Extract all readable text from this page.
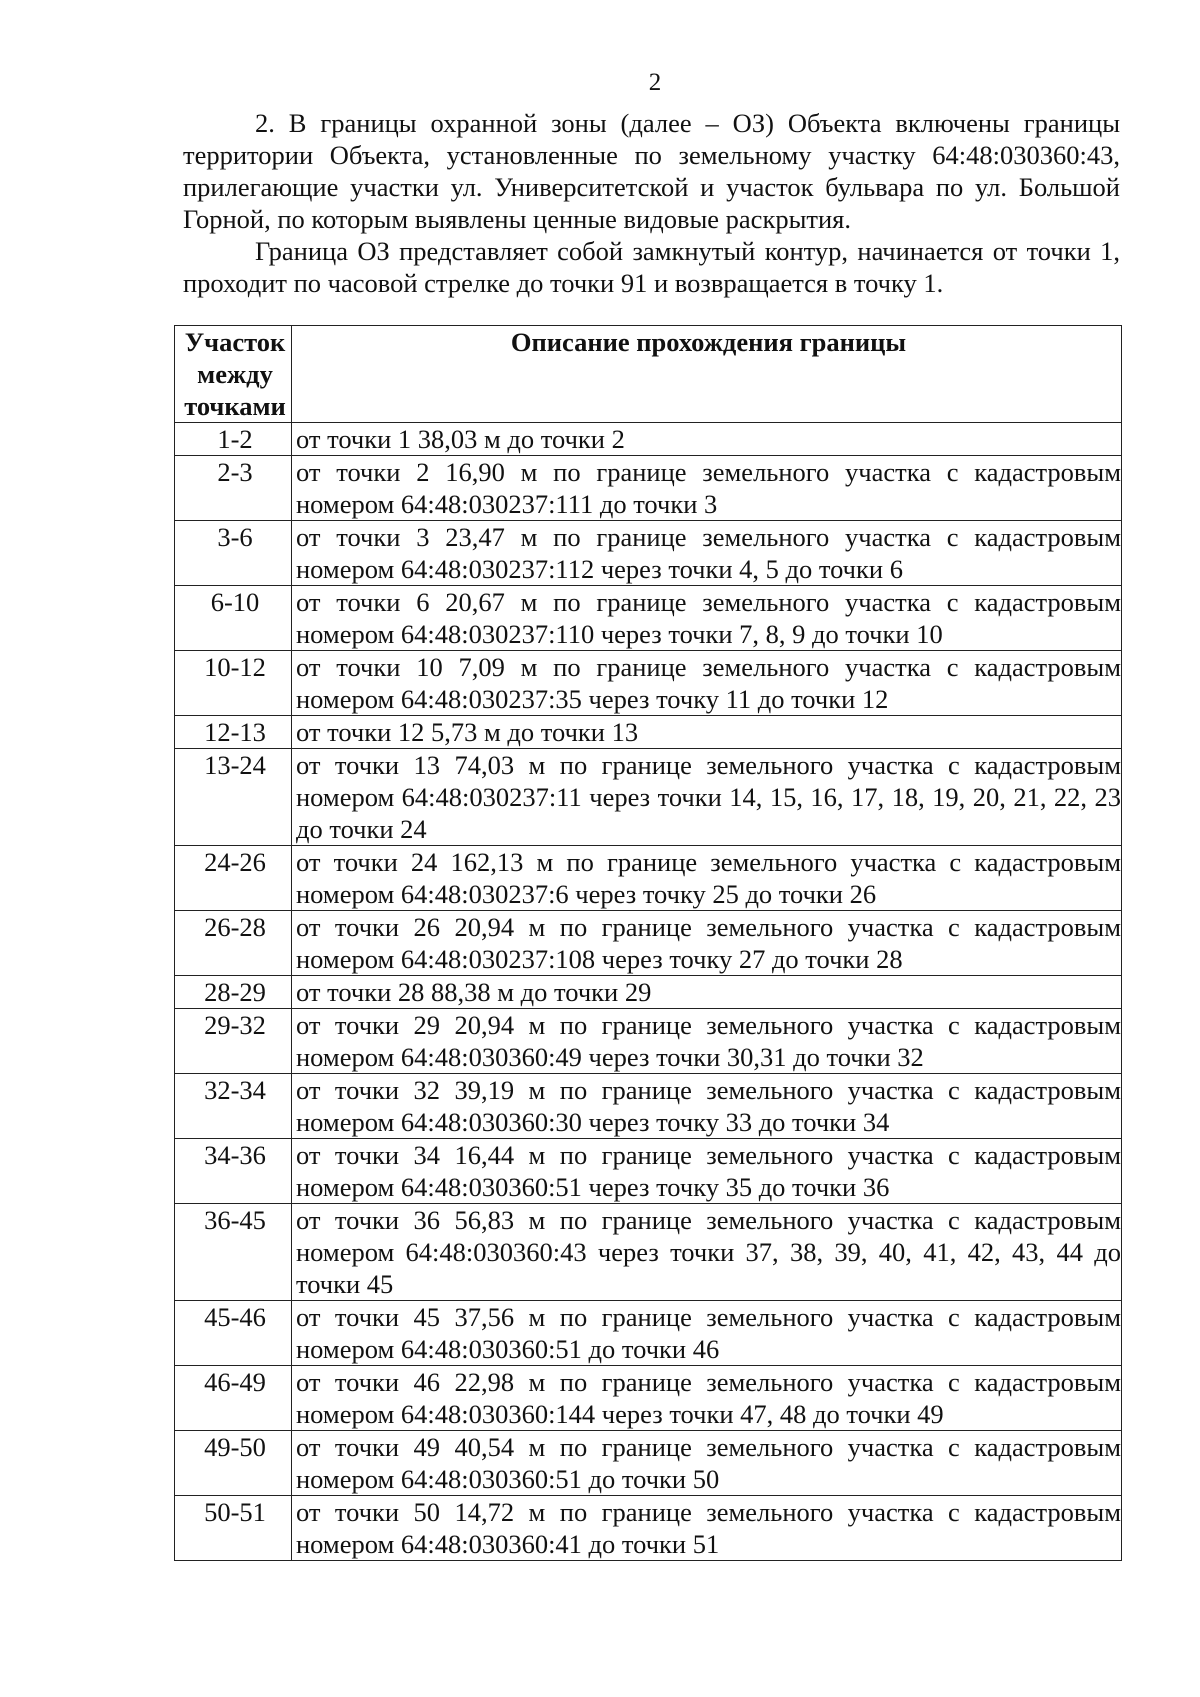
2

2. В границы охранной зоны (далее – ОЗ) Объекта включены границы территории Объекта, установленные по земельному участку 64:48:030360:43, прилегающие участки ул. Университетской и участок бульвара по ул. Большой Горной, по которым выявлены ценные видовые раскрытия.

Граница ОЗ представляет собой замкнутый контур, начинается от точки 1, проходит по часовой стрелке до точки 91 и возвращается в точку 1.

Участок
между
точками	Описание прохождения границы
1-2	от точки 1 38,03 м до точки 2
2-3	от точки 2 16,90 м по границе земельного участка с кадастровым номером 64:48:030237:111 до точки 3
3-6	от точки 3 23,47 м по границе земельного участка с кадастровым номером 64:48:030237:112 через точки 4, 5 до точки 6
6-10	от точки 6 20,67 м по границе земельного участка с кадастровым номером 64:48:030237:110 через точки 7, 8, 9 до точки 10
10-12	от точки 10 7,09 м по границе земельного участка с кадастровым номером 64:48:030237:35 через точку 11 до точки 12
12-13	от точки 12 5,73 м до точки 13
13-24	от точки 13 74,03 м по границе земельного участка с кадастровым номером 64:48:030237:11 через точки 14, 15, 16, 17, 18, 19, 20, 21, 22, 23 до точки 24
24-26	от точки 24 162,13 м по границе земельного участка с кадастровым номером 64:48:030237:6 через точку 25 до точки 26
26-28	от точки 26 20,94 м по границе земельного участка с кадастровым номером 64:48:030237:108 через точку 27 до точки 28
28-29	от точки 28 88,38 м до точки 29
29-32	от точки 29 20,94 м по границе земельного участка с кадастровым номером 64:48:030360:49 через точки 30,31 до точки 32
32-34	от точки 32 39,19 м по границе земельного участка с кадастровым номером 64:48:030360:30 через точку 33 до точки 34
34-36	от точки 34 16,44 м по границе земельного участка с кадастровым номером 64:48:030360:51 через точку 35 до точки 36
36-45	от точки 36 56,83 м по границе земельного участка с кадастровым номером 64:48:030360:43 через точки 37, 38, 39, 40, 41, 42, 43, 44 до точки 45
45-46	от точки 45 37,56 м по границе земельного участка с кадастровым номером 64:48:030360:51 до точки 46
46-49	от точки 46 22,98 м по границе земельного участка с кадастровым номером 64:48:030360:144 через точки 47, 48 до точки 49
49-50	от точки 49 40,54 м по границе земельного участка с кадастровым номером 64:48:030360:51 до точки 50
50-51	от точки 50 14,72 м по границе земельного участка с кадастровым номером 64:48:030360:41 до точки 51
